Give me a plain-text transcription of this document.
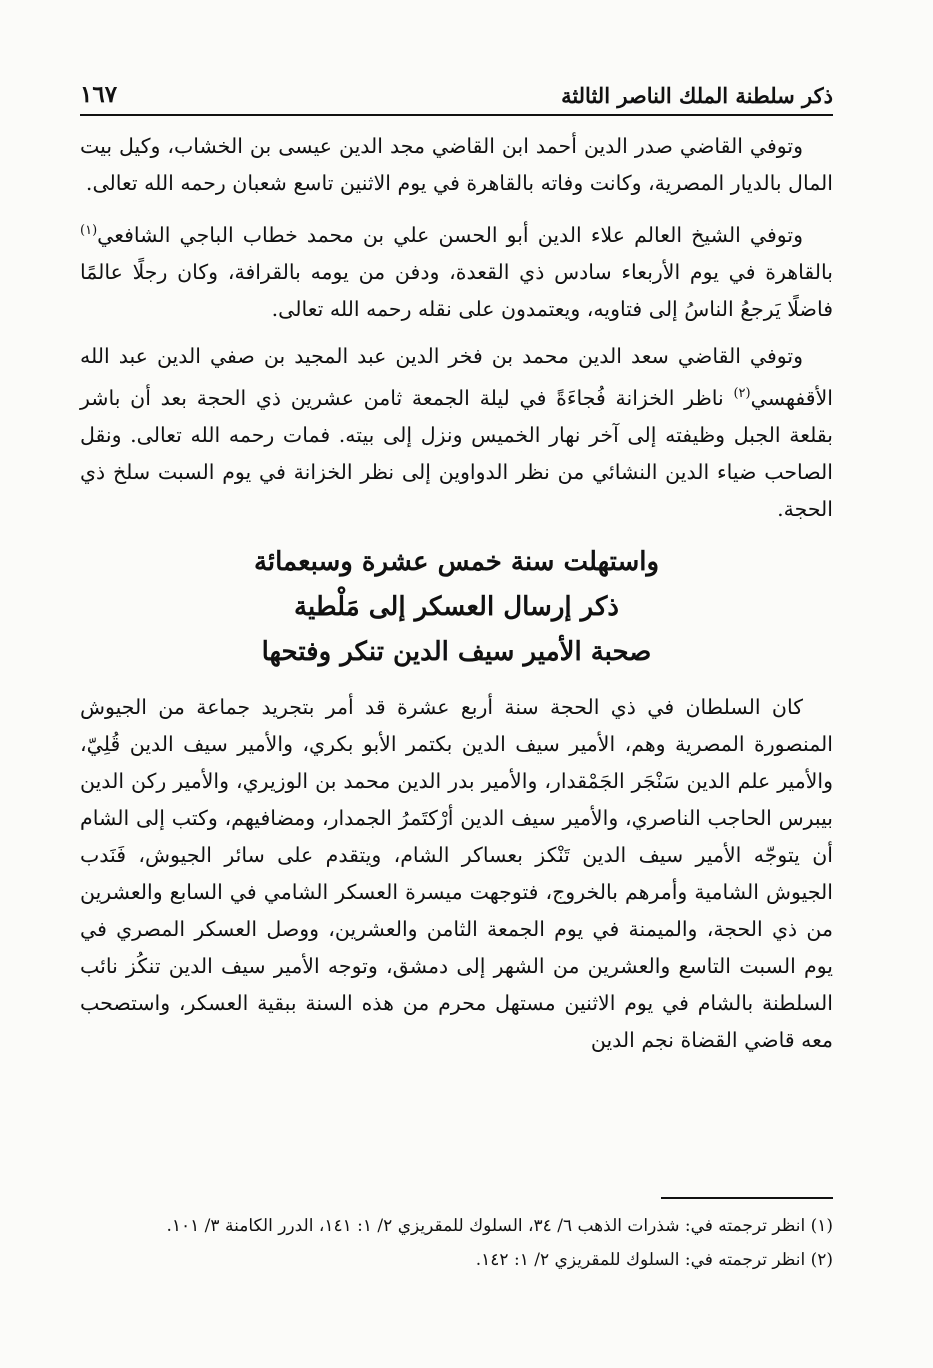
ذكر سلطنة الملك الناصر الثالثة
١٦٧

وتوفي القاضي صدر الدين أحمد ابن القاضي مجد الدين عيسى بن الخشاب، وكيل بيت المال بالديار المصرية، وكانت وفاته بالقاهرة في يوم الاثنين تاسع شعبان رحمه الله تعالى.

وتوفي الشيخ العالم علاء الدين أبو الحسن علي بن محمد خطاب الباجي الشافعي$^{(١)}$ بالقاهرة في يوم الأربعاء سادس ذي القعدة، ودفن من يومه بالقرافة، وكان رجلًا عالمًا فاضلًا يَرجعُ الناسُ إلى فتاويه، ويعتمدون على نقله رحمه الله تعالى.

وتوفي القاضي سعد الدين محمد بن فخر الدين عبد المجيد بن صفي الدين عبد الله الأقفهسي$^{(٢)}$ ناظر الخزانة فُجاءَةً في ليلة الجمعة ثامن عشرين ذي الحجة بعد أن باشر بقلعة الجبل وظيفته إلى آخر نهار الخميس ونزل إلى بيته. فمات رحمه الله تعالى. ونقل الصاحب ضياء الدين النشائي من نظر الدواوين إلى نظر الخزانة في يوم السبت سلخ ذي الحجة.

واستهلت سنة خمس عشرة وسبعمائة

ذكر إرسال العسكر إلى مَلْطية

صحبة الأمير سيف الدين تنكر وفتحها

كان السلطان في ذي الحجة سنة أربع عشرة قد أمر بتجريد جماعة من الجيوش المنصورة المصرية وهم، الأمير سيف الدين بكتمر الأبو بكري، والأمير سيف الدين قُلِيّ، والأمير علم الدين سَنْجَر الجَمْقدار، والأمير بدر الدين محمد بن الوزيري، والأمير ركن الدين بيبرس الحاجب الناصري، والأمير سيف الدين أرْكتَمرُ الجمدار، ومضافيهم، وكتب إلى الشام أن يتوجّه الأمير سيف الدين تَنْكز بعساكر الشام، ويتقدم على سائر الجيوش، فَنَدب الجيوش الشامية وأمرهم بالخروج، فتوجهت ميسرة العسكر الشامي في السابع والعشرين من ذي الحجة، والميمنة في يوم الجمعة الثامن والعشرين، ووصل العسكر المصري في يوم السبت التاسع والعشرين من الشهر إلى دمشق، وتوجه الأمير سيف الدين تنكُز نائب السلطنة بالشام في يوم الاثنين مستهل محرم من هذه السنة ببقية العسكر، واستصحب معه قاضي القضاة نجم الدين

(١) انظر ترجمته في: شذرات الذهب ٦/ ٣٤، السلوك للمقريزي ٢/ ١: ١٤١، الدرر الكامنة ٣/ ١٠١.

(٢) انظر ترجمته في: السلوك للمقريزي ٢/ ١: ١٤٢.
